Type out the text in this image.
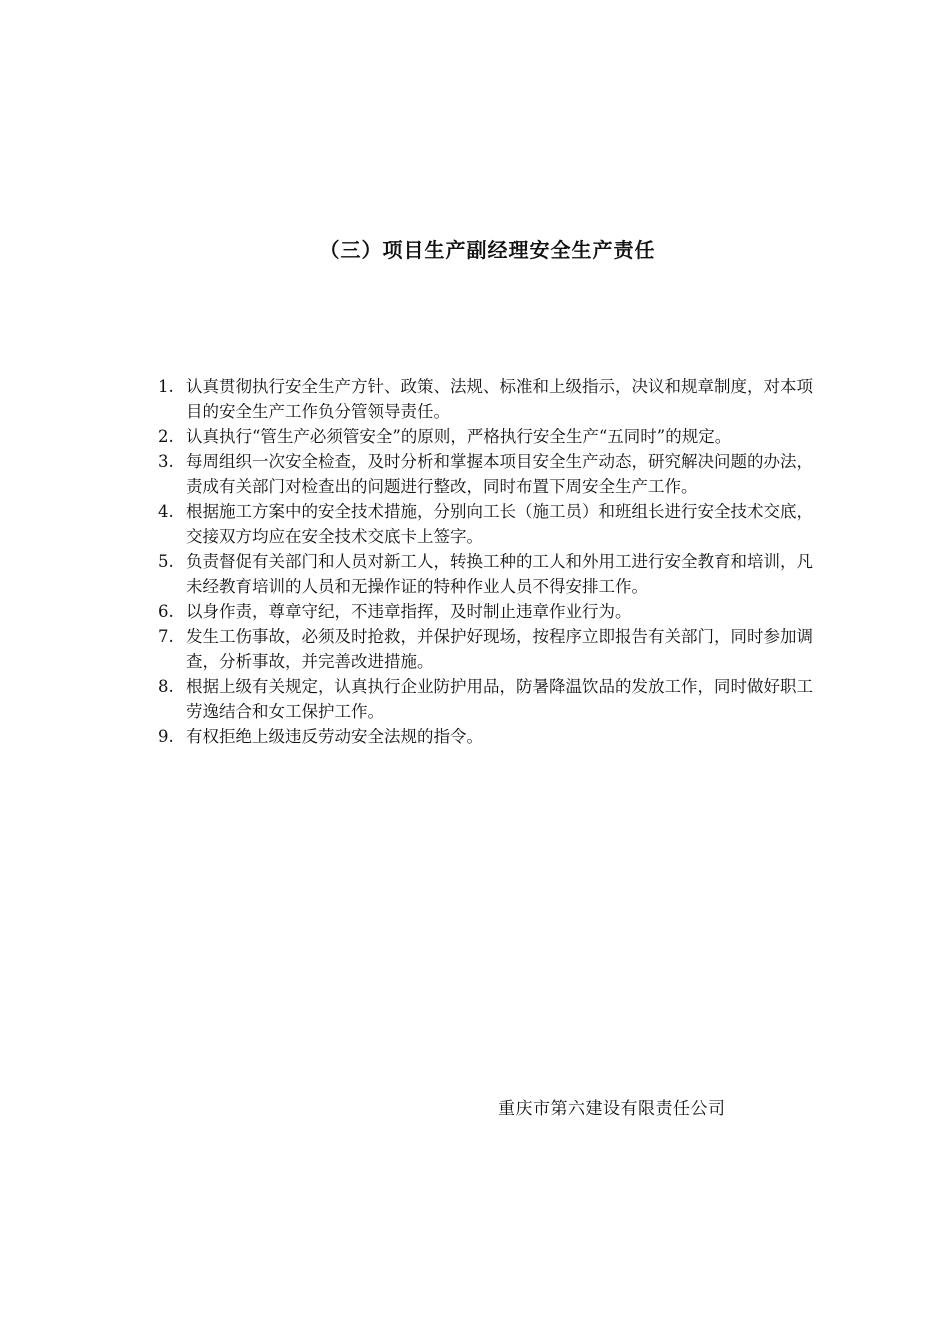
（三）项目生产副经理安全生产责任
1. 认真贯彻执行安全生产方针、政策、法规、标准和上级指示，决议和规章制度，对本项目的安全生产工作负分管领导责任。
2. 认真执行“管生产必须管安全”的原则，严格执行安全生产“五同时”的规定。
3. 每周组织一次安全检查，及时分析和掌握本项目安全生产动态，研究解决问题的办法，责成有关部门对检查出的问题进行整改，同时布置下周安全生产工作。
4. 根据施工方案中的安全技术措施，分别向工长（施工员）和班组长进行安全技术交底，交接双方均应在安全技术交底卡上签字。
5. 负责督促有关部门和人员对新工人，转换工种的工人和外用工进行安全教育和培训，凡未经教育培训的人员和无操作证的特种作业人员不得安排工作。
6. 以身作责，尊章守纪，不违章指挥，及时制止违章作业行为。
7. 发生工伤事故，必须及时抢救，并保护好现场，按程序立即报告有关部门，同时参加调查，分析事故，并完善改进措施。
8. 根据上级有关规定，认真执行企业防护用品，防暑降温饮品的发放工作，同时做好职工劳逸结合和女工保护工作。
9. 有权拒绝上级违反劳动安全法规的指令。
重庆市第六建设有限责任公司
